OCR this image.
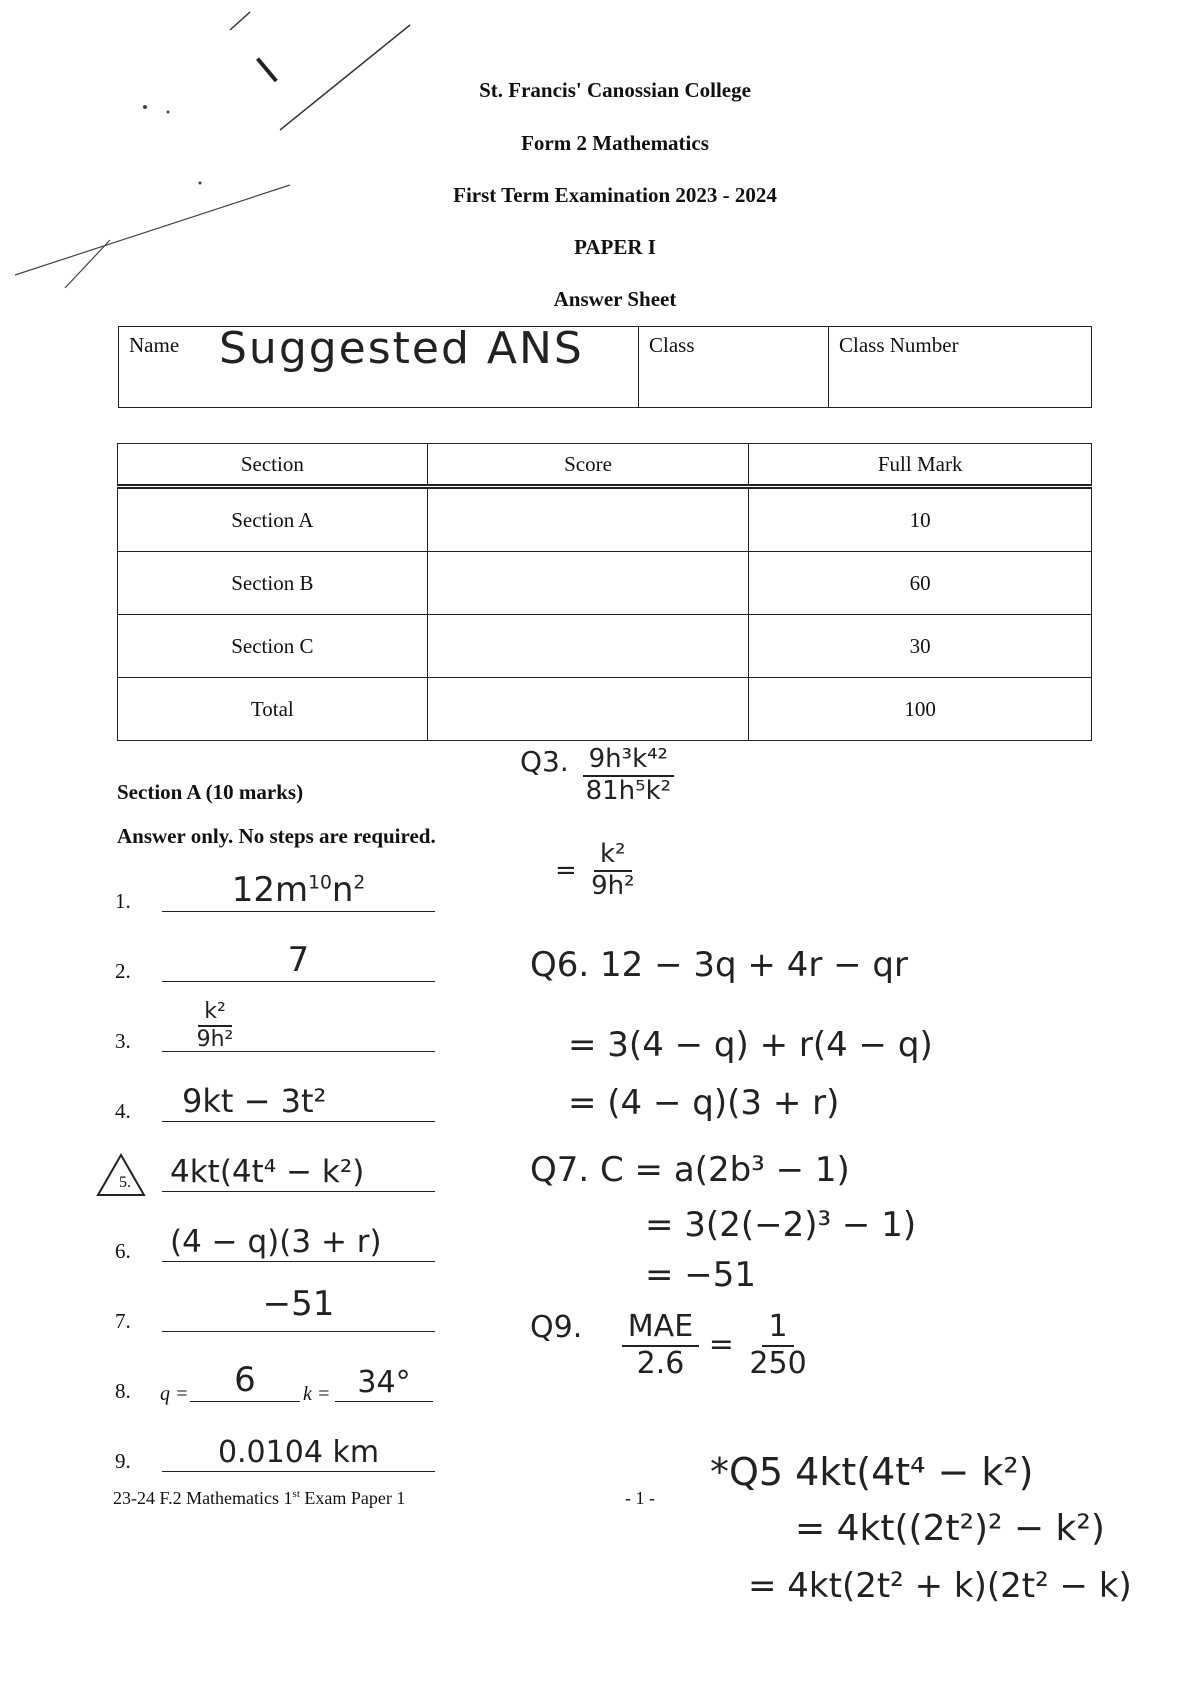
I	St. Francis' Canossian College
Form 2 Mathematics
First Term Examination 2023 - 2024
PAPER I
Answer Sheet
Name Suggested ANS	Class	Class Number
Section	Score	Full Mark
Section A		10
Section B		60
Section C		30
Total		100
Section A (10 marks)
Answer only. No steps are required.
1.	$12m^{10}n^2$
2.	7
3.	$\frac{\text{k²}}{\text{9h²}}$
4.	9kt − 3t²
5. 4kt(4t⁴ − k²)
6. (4 − q)(3 + r)
7.	−51
8. q =	6	k = 34°
9.	0.0104 km
$^{Q3.} \frac{\text{9h³k⁴²}}{\text{81h⁵k²}}$
= $\frac{\text{k²}}{\text{9h²}}$
Q6. 12 − 3q + 4r − qr
= 3(4 − q) + r(4 − q)
= (4 − q)(3 + r)
Q7. C = a(2b³ − 1)
= 3(2(−2)³ − 1)
= −51
Q9. $\frac{\text{MAE}}{2.6} = \frac{1}{250}$
*Q5 4kt(4t⁴ − k²)
= 4kt((2t²)² − k²)
= 4kt(2t² + k)(2t² − k)
23-24 F.2 Mathematics 1st Exam Paper 1	- 1 -
